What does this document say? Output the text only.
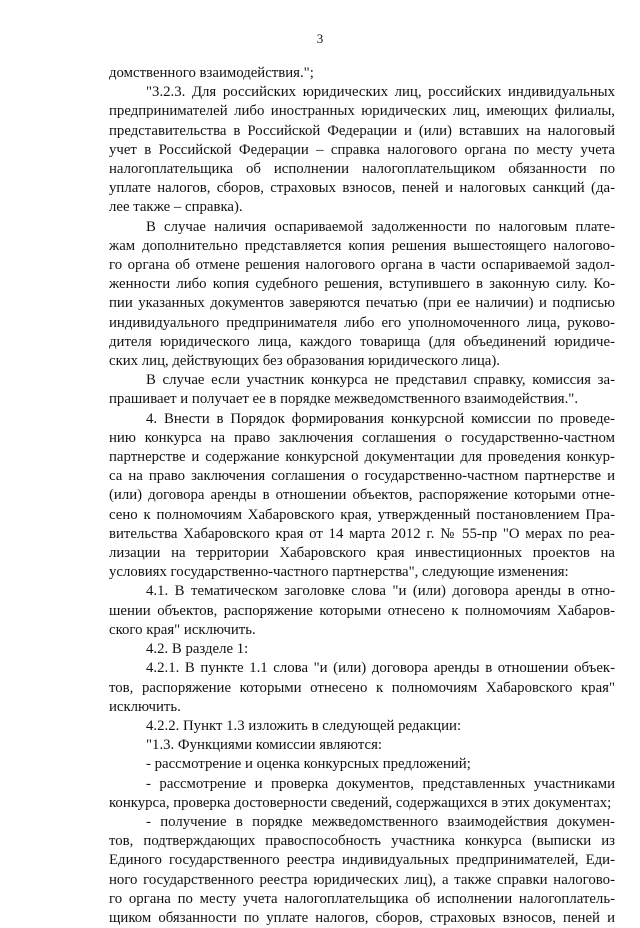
3

домственного взаимодействия.";

"3.2.3. Для российских юридических лиц, российских индивидуальных

предпринимателей либо иностранных юридических лиц, имеющих филиалы,

представительства в Российской Федерации и (или) вставших на налоговый

учет в Российской Федерации – справка налогового органа по месту учета

налогоплательщика об исполнении налогоплательщиком обязанности по

уплате налогов, сборов, страховых взносов, пеней и налоговых санкций (да-

лее также – справка).

В случае наличия оспариваемой задолженности по налоговым плате-

жам дополнительно представляется копия решения вышестоящего налогово-

го органа об отмене решения налогового органа в части оспариваемой задол-

женности либо копия судебного решения, вступившего в законную силу. Ко-

пии указанных документов заверяются печатью (при ее наличии) и подписью

индивидуального предпринимателя либо его уполномоченного лица, руково-

дителя юридического лица, каждого товарища (для объединений юридиче-

ских лиц, действующих без образования юридического лица).

В случае если участник конкурса не представил справку, комиссия за-

прашивает и получает ее в порядке межведомственного взаимодействия.".

4. Внести в Порядок формирования конкурсной комиссии по проведе-

нию конкурса на право заключения соглашения о государственно-частном

партнерстве и содержание конкурсной документации для проведения конкур-

са на право заключения соглашения о государственно-частном партнерстве и

(или) договора аренды в отношении объектов, распоряжение которыми отне-

сено к полномочиям Хабаровского края, утвержденный постановлением Пра-

вительства Хабаровского края от 14 марта 2012 г. № 55-пр "О мерах по реа-

лизации на территории Хабаровского края инвестиционных проектов на

условиях государственно-частного партнерства", следующие изменения:

4.1. В тематическом заголовке слова "и (или) договора аренды в отно-

шении объектов, распоряжение которыми отнесено к полномочиям Хабаров-

ского края" исключить.

4.2. В разделе 1:

4.2.1. В пункте 1.1 слова "и (или) договора аренды в отношении объек-

тов, распоряжение которыми отнесено к полномочиям Хабаровского края"

исключить.

4.2.2. Пункт 1.3 изложить в следующей редакции:

"1.3. Функциями комиссии являются:

- рассмотрение и оценка конкурсных предложений;

- рассмотрение и проверка документов, представленных участниками

конкурса, проверка достоверности сведений, содержащихся в этих документах;

- получение в порядке межведомственного взаимодействия докумен-

тов, подтверждающих правоспособность участника конкурса (выписки из

Единого государственного реестра индивидуальных предпринимателей, Еди-

ного государственного реестра юридических лиц), а также справки налогово-

го органа по месту учета налогоплательщика об исполнении налогоплатель-

щиком обязанности по уплате налогов, сборов, страховых взносов, пеней и
